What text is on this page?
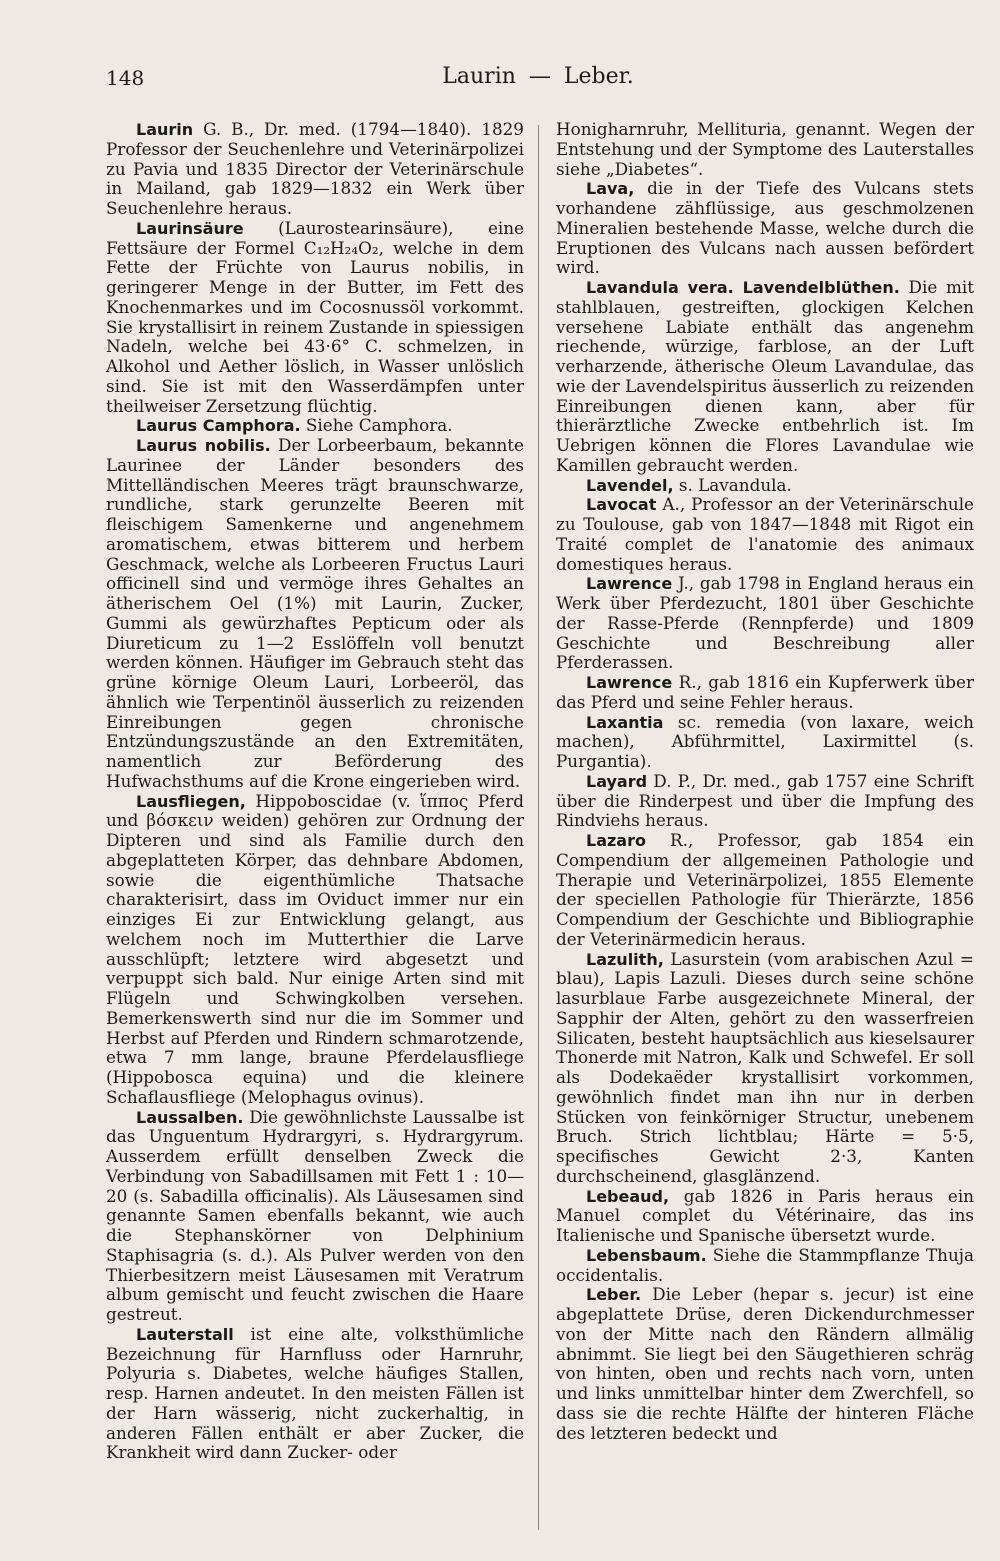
148	Laurin — Leber.

Laurin G. B., Dr. med. (1794—1840). 1829 Professor der Seuchenlehre und Veterinärpolizei zu Pavia und 1835 Director der Veterinärschule in Mailand, gab 1829—1832 ein Werk über Seuchenlehre heraus.

Laurinsäure (Laurostearinsäure), eine Fettsäure der Formel C₁₂H₂₄O₂, welche in dem Fette der Früchte von Laurus nobilis, in geringerer Menge in der Butter, im Fett des Knochenmarkes und im Cocosnussöl vorkommt. Sie krystallisirt in reinem Zustande in spiessigen Nadeln, welche bei 43·6° C. schmelzen, in Alkohol und Aether löslich, in Wasser unlöslich sind. Sie ist mit den Wasserdämpfen unter theilweiser Zersetzung flüchtig.

Laurus Camphora. Siehe Camphora.

Laurus nobilis. Der Lorbeerbaum, bekannte Laurinee der Länder besonders des Mittelländischen Meeres trägt braunschwarze, rundliche, stark gerunzelte Beeren mit fleischigem Samenkerne und angenehmem aromatischem, etwas bitterem und herbem Geschmack, welche als Lorbeeren Fructus Lauri officinell sind und vermöge ihres Gehaltes an ätherischem Oel (1%) mit Laurin, Zucker, Gummi als gewürzhaftes Pepticum oder als Diureticum zu 1—2 Esslöffeln voll benutzt werden können. Häufiger im Gebrauch steht das grüne körnige Oleum Lauri, Lorbeeröl, das ähnlich wie Terpentinöl äusserlich zu reizenden Einreibungen gegen chronische Entzündungszustände an den Extremitäten, namentlich zur Beförderung des Hufwachsthums auf die Krone eingerieben wird.

Lausfliegen, Hippoboscidae (v. ἵππος Pferd und βόσκειν weiden) gehören zur Ordnung der Dipteren und sind als Familie durch den abgeplatteten Körper, das dehnbare Abdomen, sowie die eigenthümliche Thatsache charakterisirt, dass im Oviduct immer nur ein einziges Ei zur Entwicklung gelangt, aus welchem noch im Mutterthier die Larve ausschlüpft; letztere wird abgesetzt und verpuppt sich bald. Nur einige Arten sind mit Flügeln und Schwingkolben versehen. Bemerkenswerth sind nur die im Sommer und Herbst auf Pferden und Rindern schmarotzende, etwa 7 mm lange, braune Pferdelausfliege (Hippobosca equina) und die kleinere Schaflausfliege (Melophagus ovinus).

Laussalben. Die gewöhnlichste Laussalbe ist das Unguentum Hydrargyri, s. Hydrargyrum. Ausserdem erfüllt denselben Zweck die Verbindung von Sabadillsamen mit Fett 1 : 10—20 (s. Sabadilla officinalis). Als Läusesamen sind genannte Samen ebenfalls bekannt, wie auch die Stephanskörner von Delphinium Staphisagria (s. d.). Als Pulver werden von den Thierbesitzern meist Läusesamen mit Veratrum album gemischt und feucht zwischen die Haare gestreut.

Lauterstall ist eine alte, volksthümliche Bezeichnung für Harnfluss oder Harnruhr, Polyuria s. Diabetes, welche häufiges Stallen, resp. Harnen andeutet. In den meisten Fällen ist der Harn wässerig, nicht zuckerhaltig, in anderen Fällen enthält er aber Zucker, die Krankheit wird dann Zucker- oder

Honigharnruhr, Mellituria, genannt. Wegen der Entstehung und der Symptome des Lauterstalles siehe „Diabetes“.

Lava, die in der Tiefe des Vulcans stets vorhandene zähflüssige, aus geschmolzenen Mineralien bestehende Masse, welche durch die Eruptionen des Vulcans nach aussen befördert wird.

Lavandula vera. Lavendelblüthen. Die mit stahlblauen, gestreiften, glockigen Kelchen versehene Labiate enthält das angenehm riechende, würzige, farblose, an der Luft verharzende, ätherische Oleum Lavandulae, das wie der Lavendelspiritus äusserlich zu reizenden Einreibungen dienen kann, aber für thierärztliche Zwecke entbehrlich ist. Im Uebrigen können die Flores Lavandulae wie Kamillen gebraucht werden.

Lavendel, s. Lavandula.

Lavocat A., Professor an der Veterinärschule zu Toulouse, gab von 1847—1848 mit Rigot ein Traité complet de l'anatomie des animaux domestiques heraus.

Lawrence J., gab 1798 in England heraus ein Werk über Pferdezucht, 1801 über Geschichte der Rasse-Pferde (Rennpferde) und 1809 Geschichte und Beschreibung aller Pferderassen.

Lawrence R., gab 1816 ein Kupferwerk über das Pferd und seine Fehler heraus.

Laxantia sc. remedia (von laxare, weich machen), Abführmittel, Laxirmittel (s. Purgantia).

Layard D. P., Dr. med., gab 1757 eine Schrift über die Rinderpest und über die Impfung des Rindviehs heraus.

Lazaro R., Professor, gab 1854 ein Compendium der allgemeinen Pathologie und Therapie und Veterinärpolizei, 1855 Elemente der speciellen Pathologie für Thierärzte, 1856 Compendium der Geschichte und Bibliographie der Veterinärmedicin heraus.

Lazulith, Lasurstein (vom arabischen Azul = blau), Lapis Lazuli. Dieses durch seine schöne lasurblaue Farbe ausgezeichnete Mineral, der Sapphir der Alten, gehört zu den wasserfreien Silicaten, besteht hauptsächlich aus kieselsaurer Thonerde mit Natron, Kalk und Schwefel. Er soll als Dodekaëder krystallisirt vorkommen, gewöhnlich findet man ihn nur in derben Stücken von feinkörniger Structur, unebenem Bruch. Strich lichtblau; Härte = 5·5, specifisches Gewicht 2·3, Kanten durchscheinend, glasglänzend.

Lebeaud, gab 1826 in Paris heraus ein Manuel complet du Vétérinaire, das ins Italienische und Spanische übersetzt wurde.

Lebensbaum. Siehe die Stammpflanze Thuja occidentalis.

Leber. Die Leber (hepar s. jecur) ist eine abgeplattete Drüse, deren Dickendurchmesser von der Mitte nach den Rändern allmälig abnimmt. Sie liegt bei den Säugethieren schräg von hinten, oben und rechts nach vorn, unten und links unmittelbar hinter dem Zwerchfell, so dass sie die rechte Hälfte der hinteren Fläche des letzteren bedeckt und
